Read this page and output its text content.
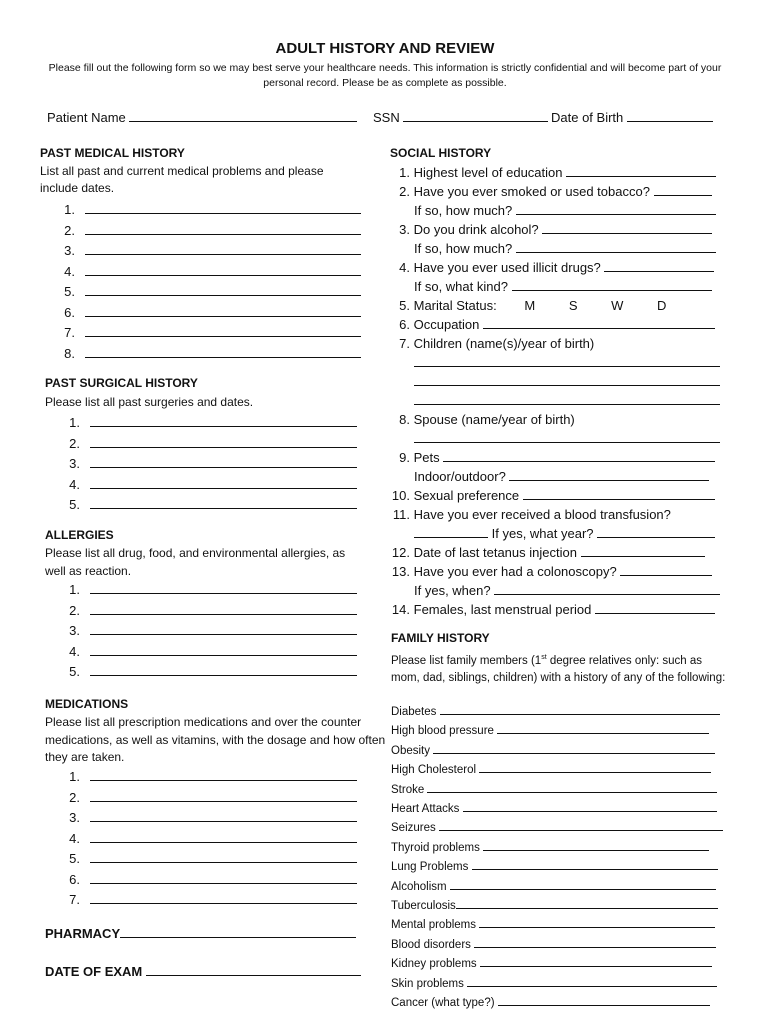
ADULT HISTORY AND REVIEW
Please fill out the following form so we may best serve your healthcare needs. This information is strictly confidential and will become part of your personal record. Please be as complete as possible.
Patient Name	SSN	Date of Birth
PAST MEDICAL HISTORY
List all past and current medical problems and please include dates.
1.
2.
3.
4.
5.
6.
7.
8.
PAST SURGICAL HISTORY
Please list all past surgeries and dates.
1.
2.
3.
4.
5.
ALLERGIES
Please list all drug, food, and environmental allergies, as well as reaction.
1.
2.
3.
4.
5.
MEDICATIONS
Please list all prescription medications and over the counter medications, as well as vitamins, with the dosage and how often they are taken.
1.
2.
3.
4.
5.
6.
7.
PHARMACY
DATE OF EXAM
SOCIAL HISTORY
1. Highest level of education
2. Have you ever smoked or used tobacco?
If so, how much?
3. Do you drink alcohol?
If so, how much?
4. Have you ever used illicit drugs?
If so, what kind?
5. Marital Status: M	S	W	D
6. Occupation
7. Children (name(s)/year of birth)
8. Spouse (name/year of birth)
9. Pets
Indoor/outdoor?
10. Sexual preference
11. Have you ever received a blood transfusion?
If yes, what year?
12. Date of last tetanus injection
13. Have you ever had a colonoscopy?
If yes, when?
14. Females, last menstrual period
FAMILY HISTORY
Please list family members (1st degree relatives only: such as mom, dad, siblings, children) with a history of any of the following:
Diabetes
High blood pressure
Obesity
High Cholesterol
Stroke
Heart Attacks
Seizures
Thyroid problems
Lung Problems
Alcoholism
Tuberculosis
Mental problems
Blood disorders
Kidney problems
Skin problems
Cancer (what type?)
